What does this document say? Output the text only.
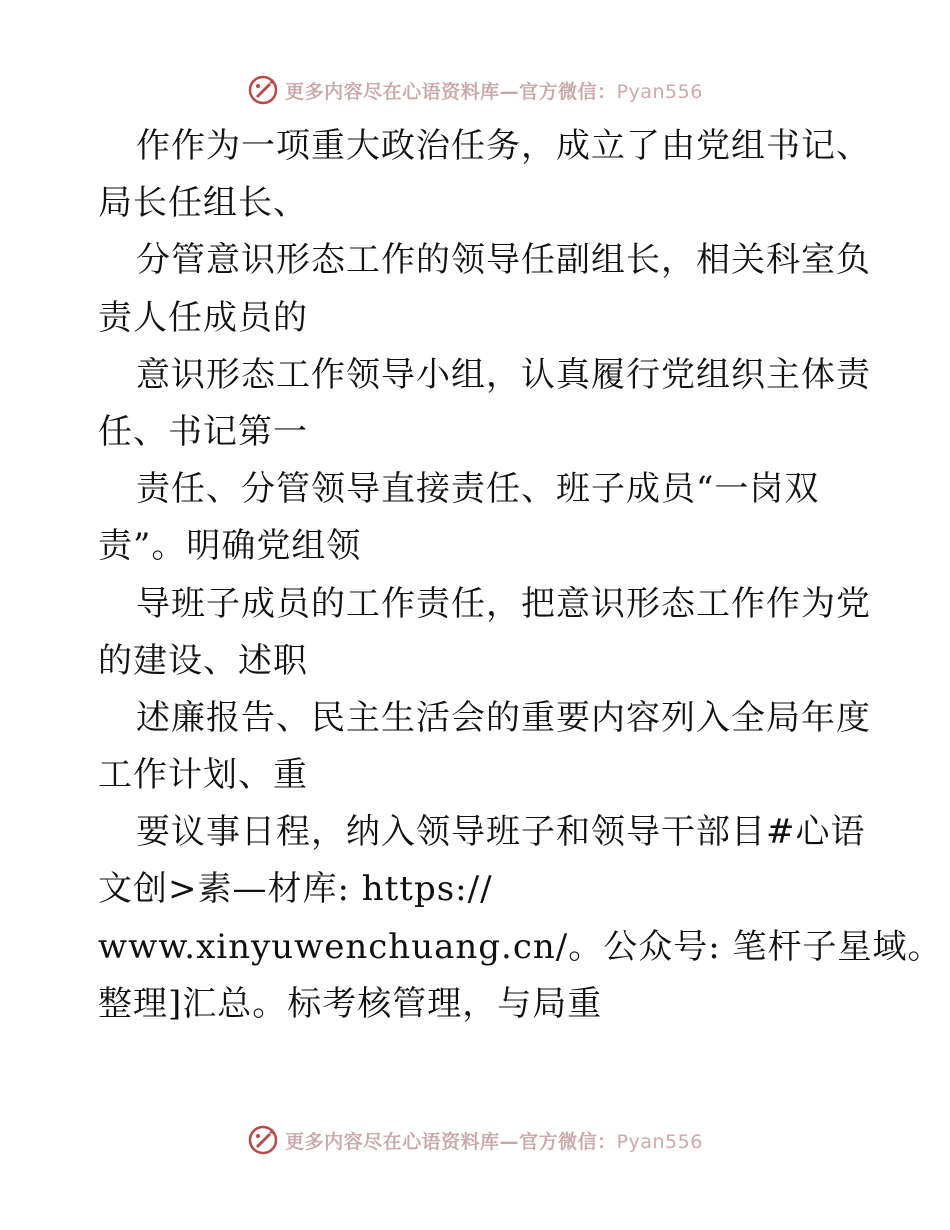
更多内容尽在心语资料库—官方微信：Pyan556
作作为一项重大政治任务，成立了由党组书记、
局长任组长、
分管意识形态工作的领导任副组长，相关科室负
责人任成员的
意识形态工作领导小组，认真履行党组织主体责
任、书记第一
责任、分管领导直接责任、班子成员“一岗双
责”。明确党组领
导班子成员的工作责任，把意识形态工作作为党
的建设、述职
述廉报告、民主生活会的重要内容列入全局年度
工作计划、重
要议事日程，纳入领导班子和领导干部目#心语
文创>素—材库: https://
www.xinyuwenchuang.cn/。公众号: 笔杆子星域。
整理]汇总。标考核管理，与局重
更多内容尽在心语资料库—官方微信：Pyan556
